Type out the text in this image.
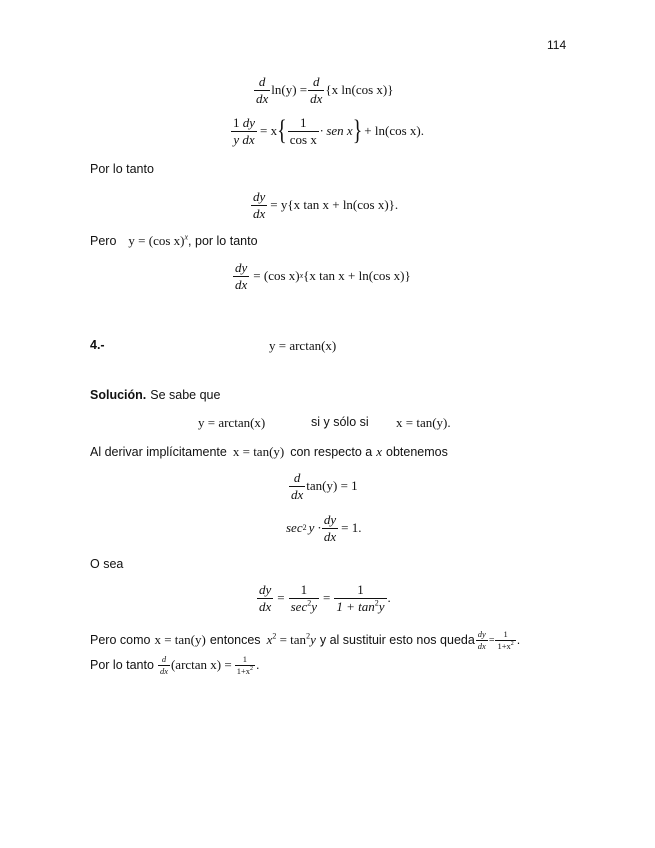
114
$\frac{d}{dx} \ln(y) = \frac{d}{dx} \{x$ ln(cos x)}
$\frac{1 dy}{\text{y dx}} = x$ { $\frac{1}{\text{cos x}}$ · sen x } + ln(cos x).
Por lo tanto
$\frac{dy}{dx} = y\{x$ tan x + ln(cos x)}.
Pero y = (cos x)$^x$ , por lo tanto
$\frac{dy}{dx} = (\cos$ x) x {x tan x + ln(cos x)}
4.-	y = arctan(x)
Solución. Se sabe que
y = arctan(x)	si y sólo si x = tan(y).
Al derivar implícitamente x = tan(y) con respecto a x obtenemos
$\frac{d}{dx} \tan(y) = 1$
sec 2 $y \cdot \frac{dy}{dx} = 1$.
O sea
$\frac{dy}{dx} = \frac{1}{\sec^2y} = \frac{1}{1 + \tan^2y}$ .
Pero como x = tan(y) entonces $x^2 = \tan^2y$ y al sustituir esto nos queda $\frac{dy}{dx} = \frac{1}{1+x^2}$ .
Por lo tanto $\frac{d}{dx} (\arctan$ $x) = \frac{1}{1+x^2}$ .
